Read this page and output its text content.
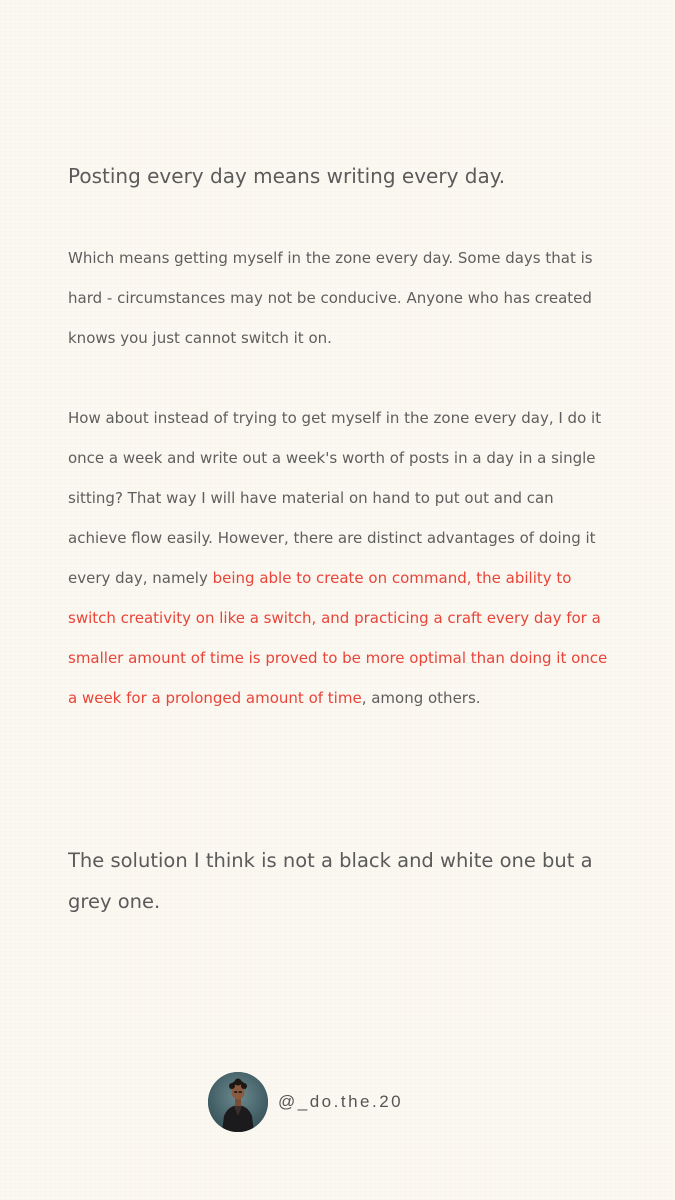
Posting every day means writing every day.

Which means getting myself in the zone every day. Some days that is hard - circumstances may not be conducive. Anyone who has created knows you just cannot switch it on.

How about instead of trying to get myself in the zone every day, I do it once a week and write out a week's worth of posts in a day in a single sitting? That way I will have material on hand to put out and can achieve flow easily. However, there are distinct advantages of doing it every day, namely being able to create on command, the ability to switch creativity on like a switch, and practicing a craft every day for a smaller amount of time is proved to be more optimal than doing it once a week for a prolonged amount of time, among others.

The solution I think is not a black and white one but a grey one.

@_do.the.20
